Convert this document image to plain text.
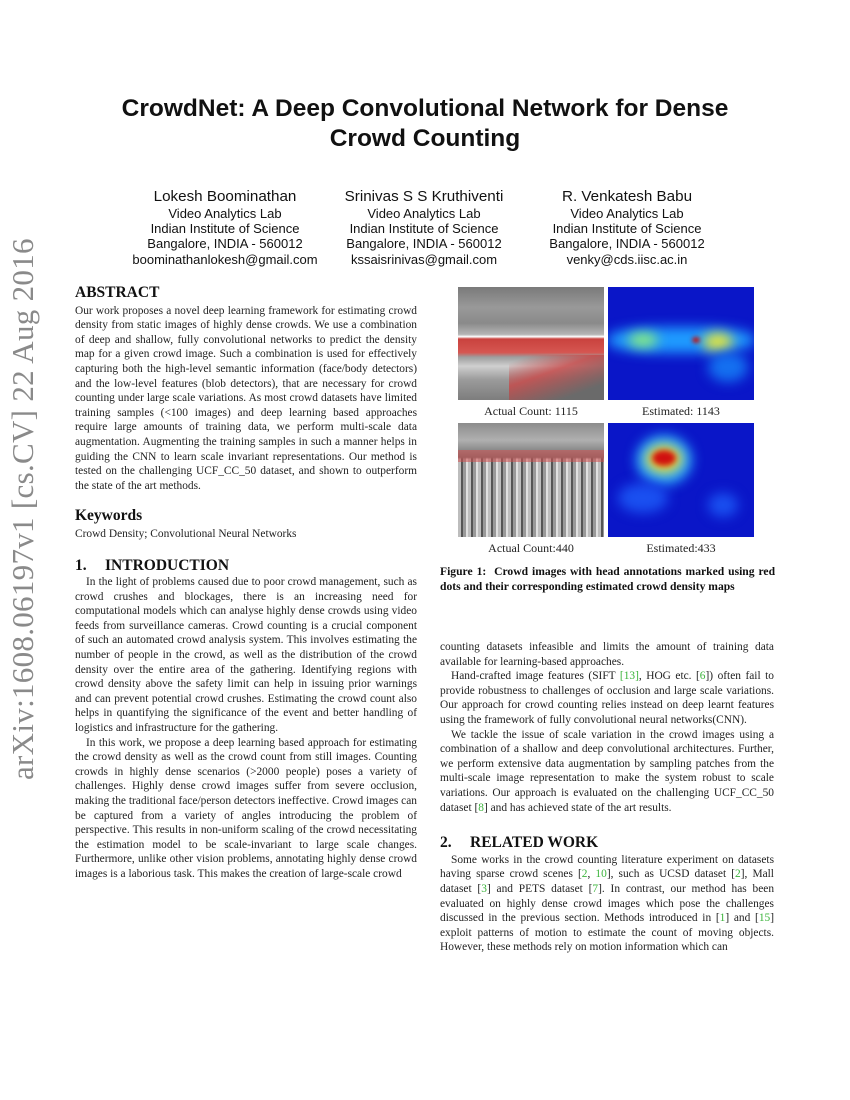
arXiv:1608.06197v1 [cs.CV] 22 Aug 2016
CrowdNet: A Deep Convolutional Network for Dense
Crowd Counting
Lokesh Boominathan
Video Analytics Lab
Indian Institute of Science
Bangalore, INDIA - 560012
boominathanlokesh@gmail.com
Srinivas S S Kruthiventi
Video Analytics Lab
Indian Institute of Science
Bangalore, INDIA - 560012
kssaisrinivas@gmail.com
R. Venkatesh Babu
Video Analytics Lab
Indian Institute of Science
Bangalore, INDIA - 560012
venky@cds.iisc.ac.in
ABSTRACT

Our work proposes a novel deep learning framework for estimating crowd density from static images of highly dense crowds. We use a combination of deep and shallow, fully convolutional networks to predict the density map for a given crowd image. Such a combination is used for effectively capturing both the high-level semantic information (face/body detectors) and the low-level features (blob detectors), that are necessary for crowd counting under large scale variations. As most crowd datasets have limited training samples (<100 images) and deep learning based approaches require large amounts of training data, we perform multi-scale data augmentation. Augmenting the training samples in such a manner helps in guiding the CNN to learn scale invariant representations. Our method is tested on the challenging UCF_CC_50 dataset, and shown to outperform the state of the art methods.

Keywords

Crowd Density; Convolutional Neural Networks

1. INTRODUCTION

In the light of problems caused due to poor crowd management, such as crowd crushes and blockages, there is an increasing need for computational models which can analyse highly dense crowds using video feeds from surveillance cameras. Crowd counting is a crucial component of such an automated crowd analysis system. This involves estimating the number of people in the crowd, as well as the distribution of the crowd density over the entire area of the gathering. Identifying regions with crowd density above the safety limit can help in issuing prior warnings and can prevent potential crowd crushes. Estimating the crowd count also helps in quantifying the significance of the event and better handling of logistics and infrastructure for the gathering.

In this work, we propose a deep learning based approach for estimating the crowd density as well as the crowd count from still images. Counting crowds in highly dense scenarios (>2000 people) poses a variety of challenges. Highly dense crowd images suffer from severe occlusion, making the traditional face/person detectors ineffective. Crowd images can be captured from a variety of angles introducing the problem of perspective. This results in non-uniform scaling of the crowd necessitating the estimation model to be scale-invariant to large scale changes. Furthermore, unlike other vision problems, annotating highly dense crowd images is a laborious task. This makes the creation of large-scale crowd

Actual Count: 1115	Estimated: 1143
Actual Count:440	Estimated:433
Figure 1: Crowd images with head annotations marked using red dots and their corresponding estimated crowd density maps

counting datasets infeasible and limits the amount of training data available for learning-based approaches.

Hand-crafted image features (SIFT [13], HOG etc. [6]) often fail to provide robustness to challenges of occlusion and large scale variations. Our approach for crowd counting relies instead on deep learnt features using the framework of fully convolutional neural networks(CNN).

We tackle the issue of scale variation in the crowd images using a combination of a shallow and deep convolutional architectures. Further, we perform extensive data augmentation by sampling patches from the multi-scale image representation to make the system robust to scale variations. Our approach is evaluated on the challenging UCF_CC_50 dataset [8] and has achieved state of the art results.

2. RELATED WORK

Some works in the crowd counting literature experiment on datasets having sparse crowd scenes [2, 10], such as UCSD dataset [2], Mall dataset [3] and PETS dataset [7]. In contrast, our method has been evaluated on highly dense crowd images which pose the challenges discussed in the previous section. Methods introduced in [1] and [15] exploit patterns of motion to estimate the count of moving objects. However, these methods rely on motion information which can
